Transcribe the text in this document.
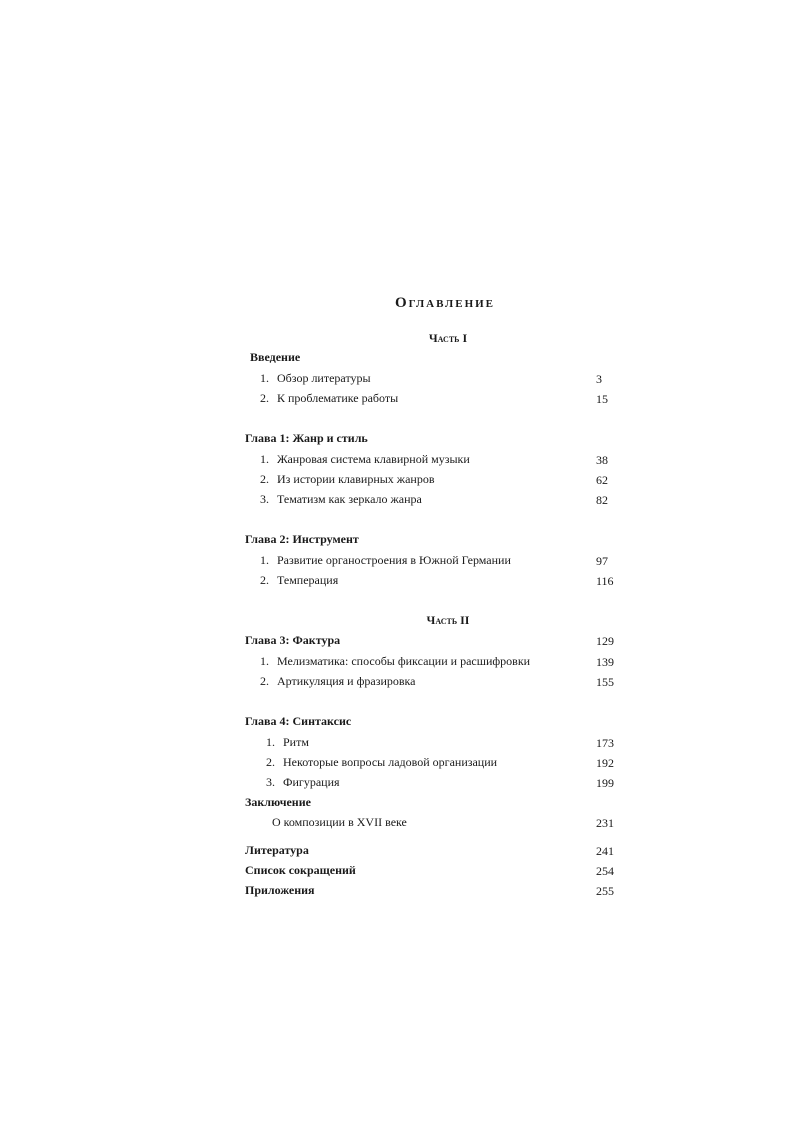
Оглавление
Часть I
Введение
1. Обзор литературы	3
2. К проблематике работы	15
Глава 1: Жанр и стиль
1. Жанровая система клавирной музыки	38
2. Из истории клавирных жанров	62
3. Тематизм как зеркало жанра	82
Глава 2: Инструмент
1. Развитие органостроения в Южной Германии	97
2. Темперация	116
Часть II
Глава 3: Фактура	129
1. Мелизматика: способы фиксации и расшифровки	139
2. Артикуляция и фразировка	155
Глава 4: Синтаксис
1. Ритм	173
2. Некоторые вопросы ладовой организации	192
3. Фигурация	199
Заключение
О композиции в XVII веке	231
Литература	241
Список сокращений	254
Приложения	255
